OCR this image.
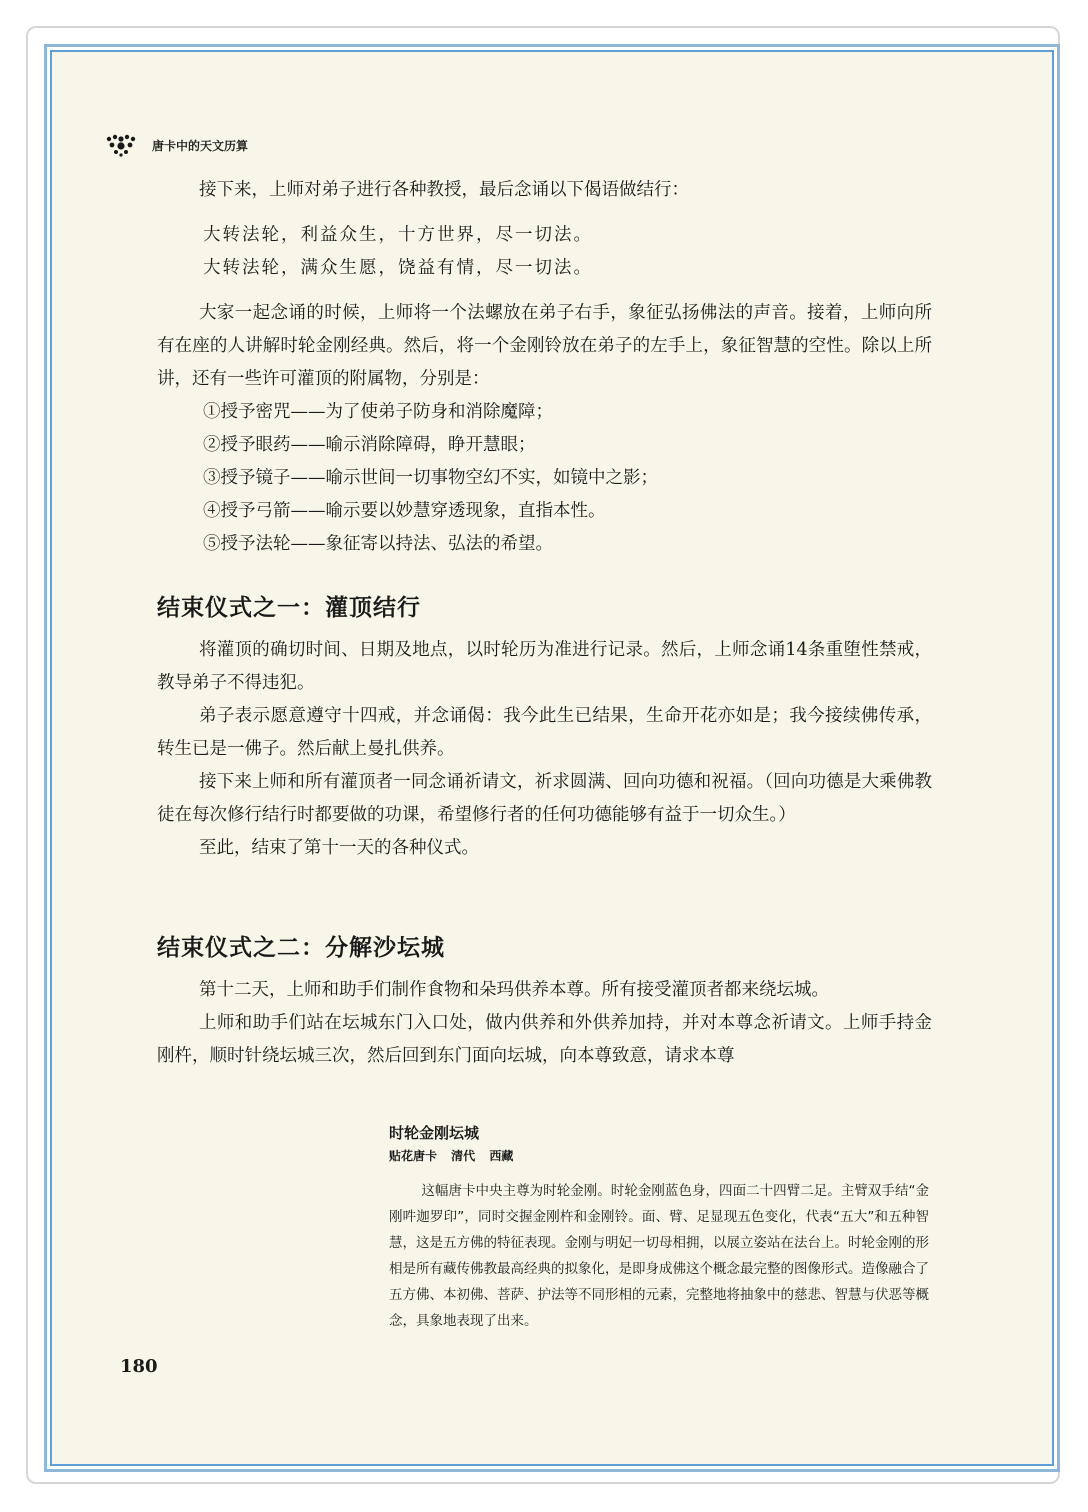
唐卡中的天文历算

接下来，上师对弟子进行各种教授，最后念诵以下偈语做结行：

大转法轮，利益众生，十方世界，尽一切法。

大转法轮，满众生愿，饶益有情，尽一切法。

大家一起念诵的时候，上师将一个法螺放在弟子右手，象征弘扬佛法的声音。接着，上师向所有在座的人讲解时轮金刚经典。然后，将一个金刚铃放在弟子的左手上，象征智慧的空性。除以上所讲，还有一些许可灌顶的附属物，分别是：

①授予密咒——为了使弟子防身和消除魔障；

②授予眼药——喻示消除障碍，睁开慧眼；

③授予镜子——喻示世间一切事物空幻不实，如镜中之影；

④授予弓箭——喻示要以妙慧穿透现象，直指本性。

⑤授予法轮——象征寄以持法、弘法的希望。

结束仪式之一：灌顶结行

将灌顶的确切时间、日期及地点，以时轮历为准进行记录。然后，上师念诵14条重堕性禁戒，教导弟子不得违犯。

弟子表示愿意遵守十四戒，并念诵偈：我今此生已结果，生命开花亦如是；我今接续佛传承，转生已是一佛子。然后献上曼扎供养。

接下来上师和所有灌顶者一同念诵祈请文，祈求圆满、回向功德和祝福。（回向功德是大乘佛教徒在每次修行结行时都要做的功课，希望修行者的任何功德能够有益于一切众生。）

至此，结束了第十一天的各种仪式。

结束仪式之二：分解沙坛城

第十二天，上师和助手们制作食物和朵玛供养本尊。所有接受灌顶者都来绕坛城。

上师和助手们站在坛城东门入口处，做内供养和外供养加持，并对本尊念祈请文。上师手持金刚杵，顺时针绕坛城三次，然后回到东门面向坛城，向本尊致意，请求本尊

时轮金刚坛城

贴花唐卡 清代 西藏

这幅唐卡中央主尊为时轮金刚。时轮金刚蓝色身，四面二十四臂二足。主臂双手结“金刚吽迦罗印”，同时交握金刚杵和金刚铃。面、臂、足显现五色变化，代表“五大”和五种智慧，这是五方佛的特征表现。金刚与明妃一切母相拥，以展立姿站在法台上。时轮金刚的形相是所有藏传佛教最高经典的拟象化，是即身成佛这个概念最完整的图像形式。造像融合了五方佛、本初佛、菩萨、护法等不同形相的元素，完整地将抽象中的慈悲、智慧与伏恶等概念，具象地表现了出来。

180
